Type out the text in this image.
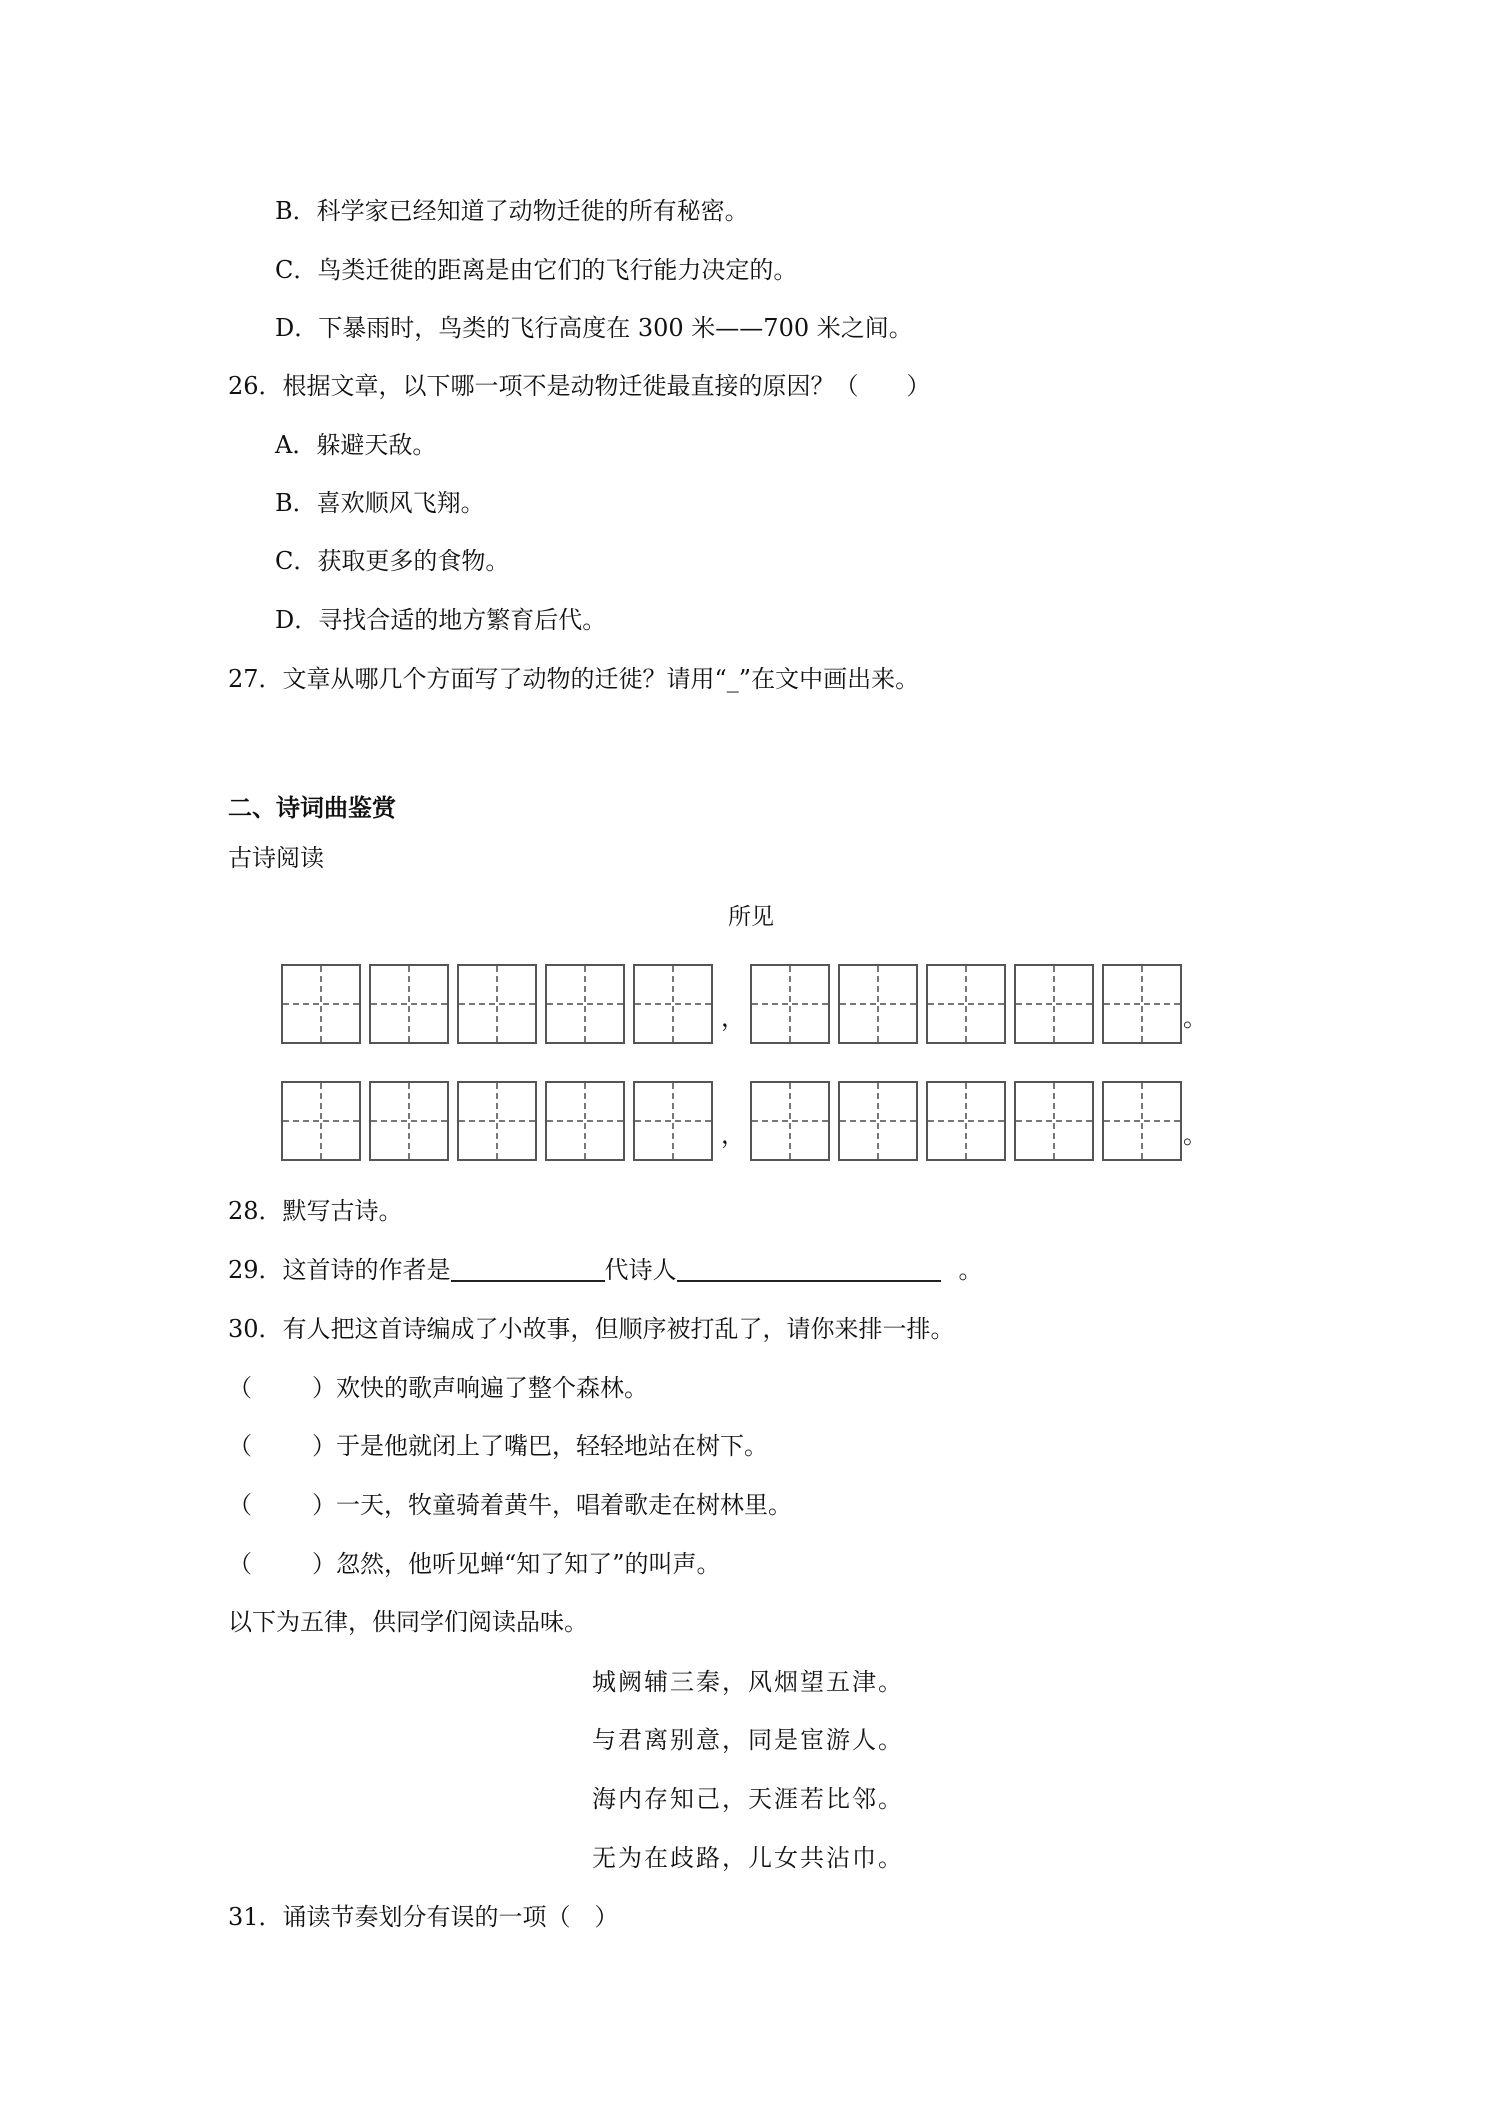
B．科学家已经知道了动物迁徙的所有秘密。
C．鸟类迁徙的距离是由它们的飞行能力决定的。
D．下暴雨时，鸟类的飞行高度在 300 米——700 米之间。
26．根据文章，以下哪一项不是动物迁徙最直接的原因？（　　）
A．躲避天敌。
B．喜欢顺风飞翔。
C．获取更多的食物。
D．寻找合适的地方繁育后代。
27．文章从哪几个方面写了动物的迁徙？请用“_”在文中画出来。
二、诗词曲鉴赏
古诗阅读
所见
，	。
，	。
28．默写古诗。
29．这首诗的作者是	代诗人	。
30．有人把这首诗编成了小故事，但顺序被打乱了，请你来排一排。
（	）欢快的歌声响遍了整个森林。
（	）于是他就闭上了嘴巴，轻轻地站在树下。
（	）一天，牧童骑着黄牛，唱着歌走在树林里。
（	）忽然，他听见蝉“知了知了”的叫声。
以下为五律，供同学们阅读品味。
城阙辅三秦，风烟望五津。
与君离别意，同是宦游人。
海内存知己，天涯若比邻。
无为在歧路，儿女共沾巾。
31．诵读节奏划分有误的一项（　）
